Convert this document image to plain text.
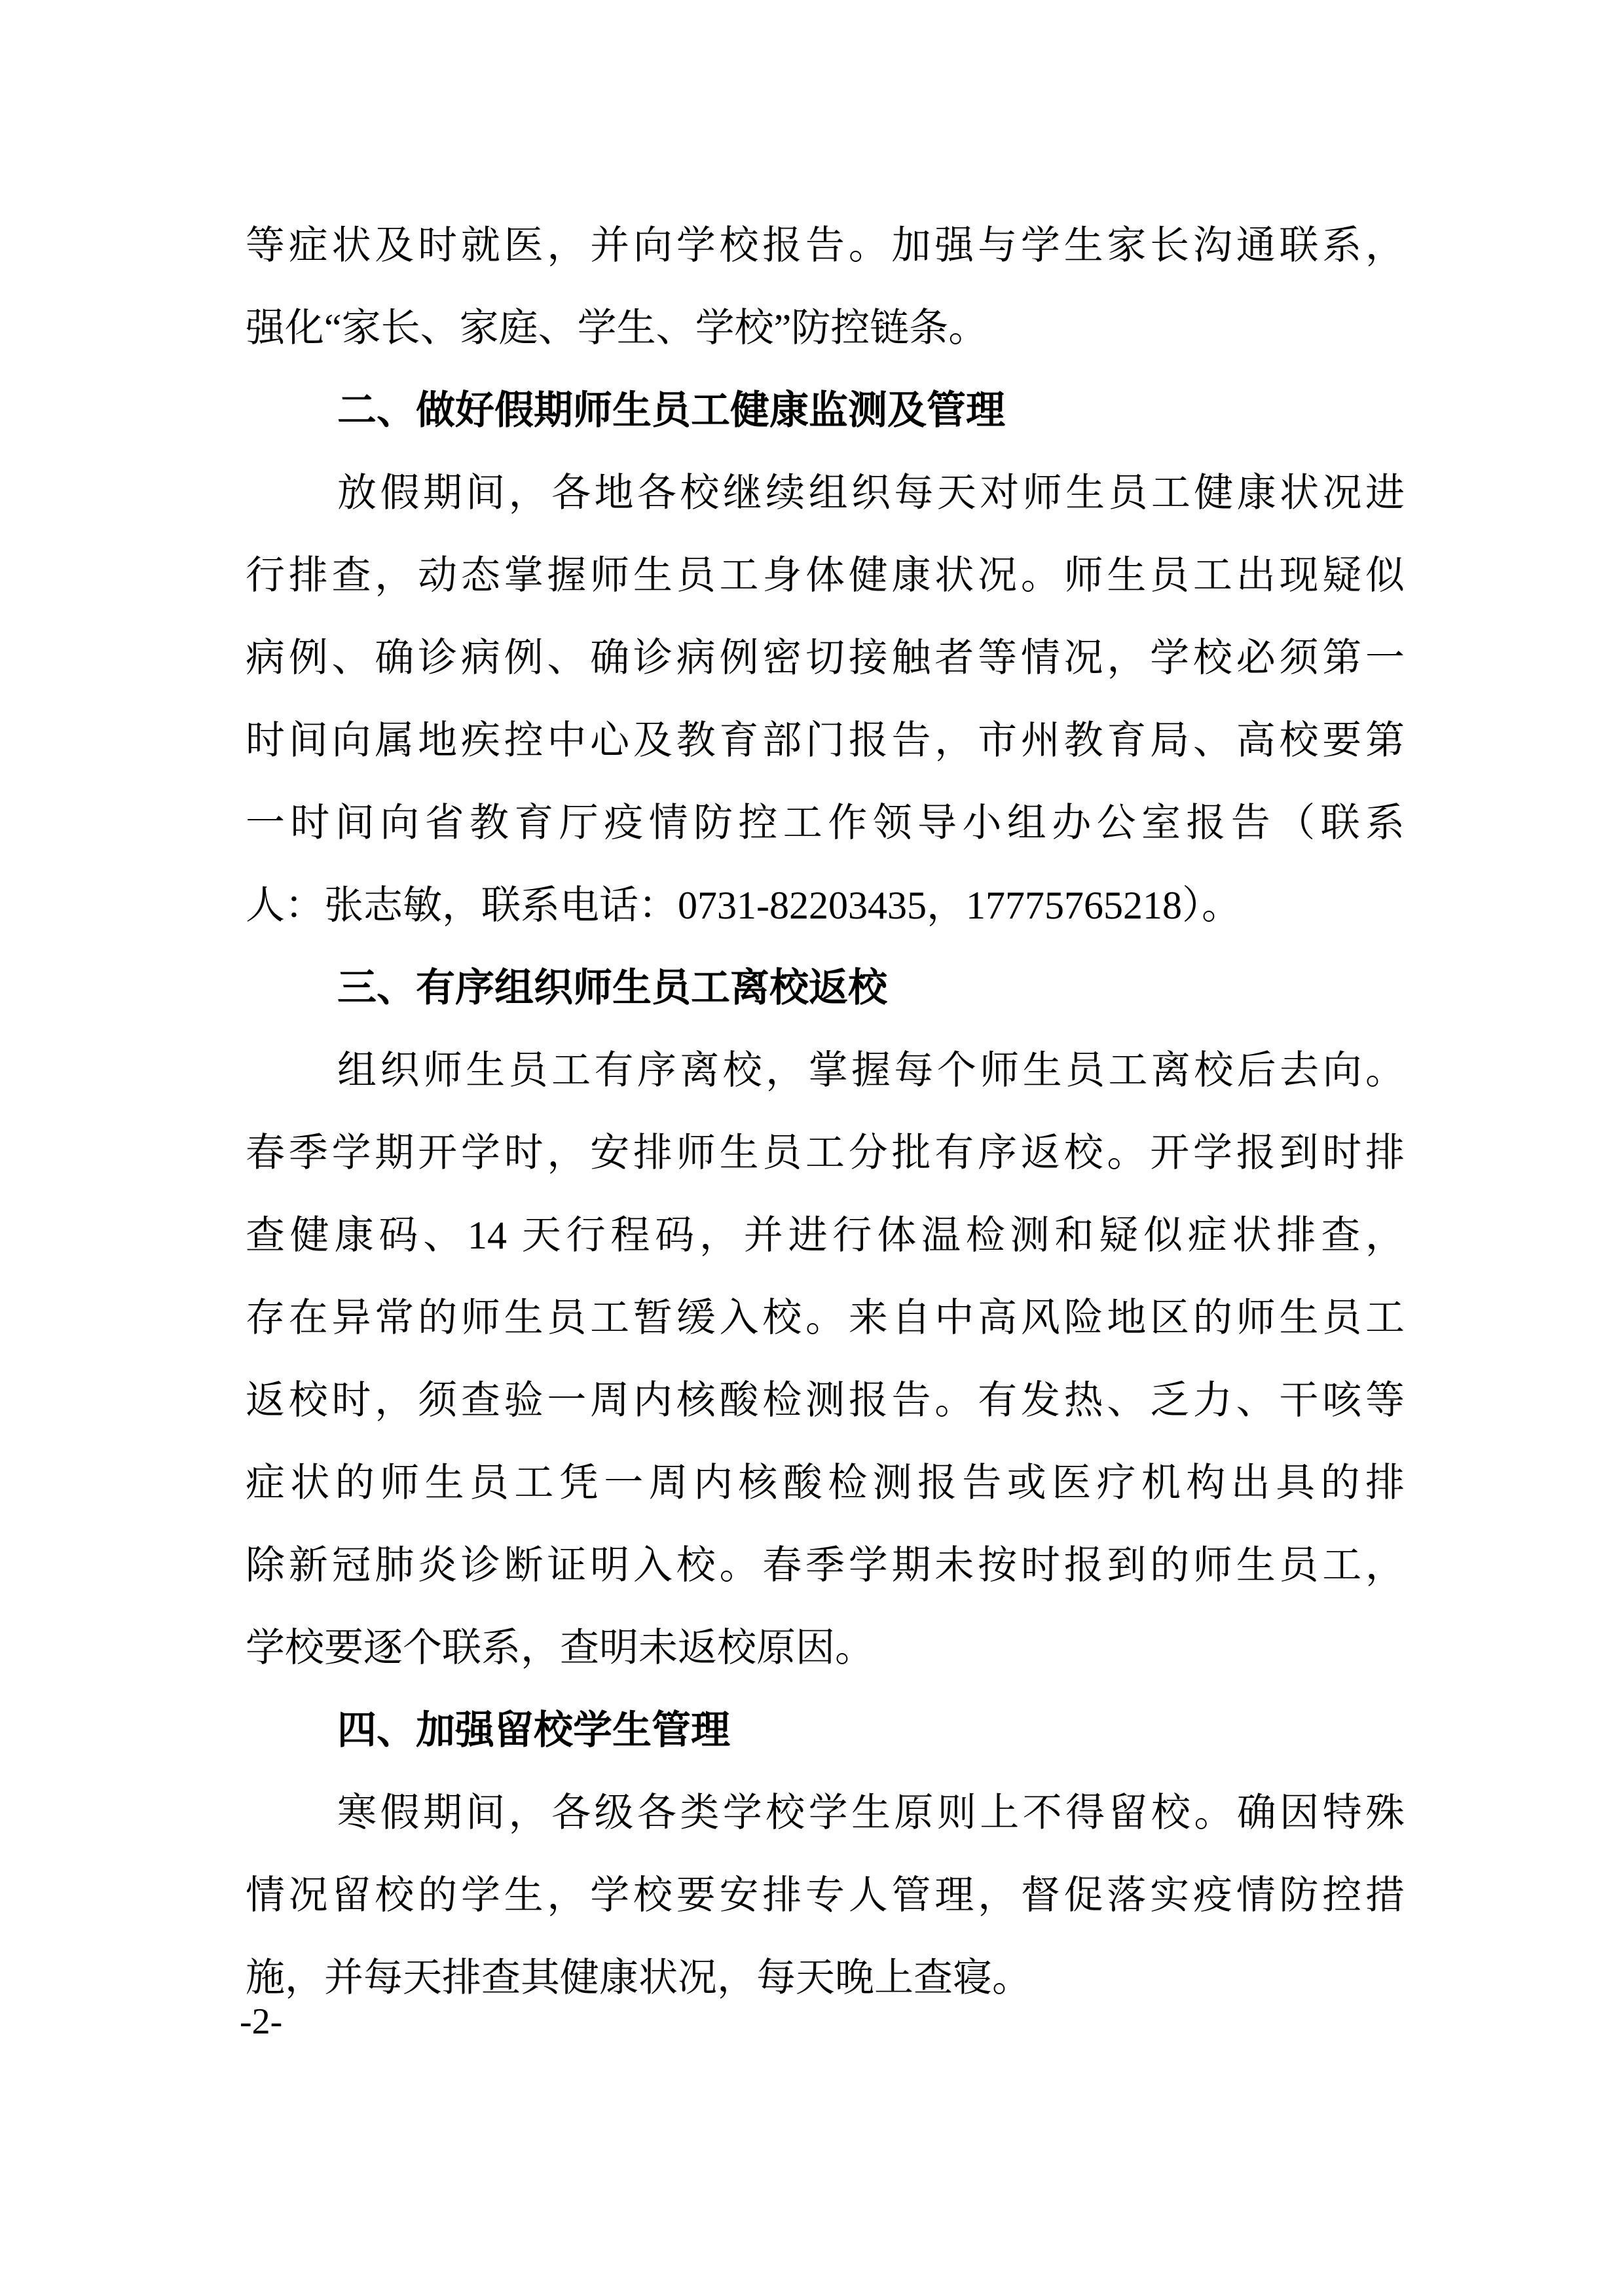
等症状及时就医，并向学校报告。加强与学生家长沟通联系，
强化“家长、家庭、学生、学校”防控链条。
二、做好假期师生员工健康监测及管理
放假期间，各地各校继续组织每天对师生员工健康状况进
行排查，动态掌握师生员工身体健康状况。师生员工出现疑似
病例、确诊病例、确诊病例密切接触者等情况，学校必须第一
时间向属地疾控中心及教育部门报告，市州教育局、高校要第
一时间向省教育厅疫情防控工作领导小组办公室报告（联系
人：张志敏，联系电话：0731-82203435，17775765218）。
三、有序组织师生员工离校返校
组织师生员工有序离校，掌握每个师生员工离校后去向。
春季学期开学时，安排师生员工分批有序返校。开学报到时排
查健康码、14 天行程码，并进行体温检测和疑似症状排查，
存在异常的师生员工暂缓入校。来自中高风险地区的师生员工
返校时，须查验一周内核酸检测报告。有发热、乏力、干咳等
症状的师生员工凭一周内核酸检测报告或医疗机构出具的排
除新冠肺炎诊断证明入校。春季学期未按时报到的师生员工，
学校要逐个联系，查明未返校原因。
四、加强留校学生管理
寒假期间，各级各类学校学生原则上不得留校。确因特殊
情况留校的学生，学校要安排专人管理，督促落实疫情防控措
施，并每天排查其健康状况，每天晚上查寝。
-2-
